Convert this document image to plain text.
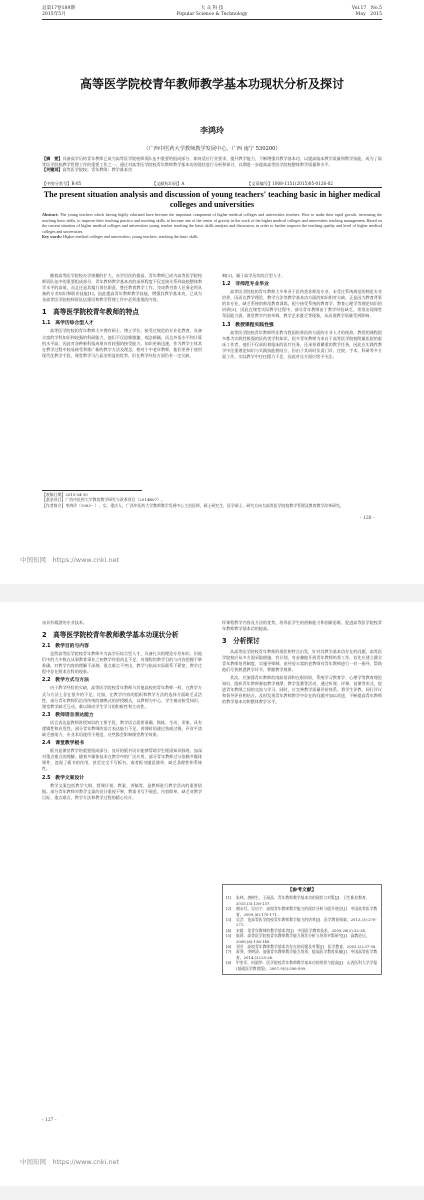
总第17卷189期
2015年5月
大 众 科 技
Popular Science & Technology
Vol.17　No.5
May　2015
高等医学院校青年教师教学基本功现状分析及探讨
李鸿玲
（广西中医药大学教师教学发展中心，广西 南宁 530200）
【摘　要】具备高学历的青年教师已成为高等医学院校师资队伍中重要的组成部分，如何适应行业要求，提升教学能力，不断增强其教学基本功，以提高临床教学质量和教学技能，成为了高等医学院校教学管理工作的重要工作之一。通过对高等医学院校青年教师教学基本功的现状进行分析和探讨，以期进一步提高高等医学院校整体教学质量和水平。
【关键词】高等医学院校；青年教师；教学基本功
【中图分类号】R-05	【文献标识码】A	【文章编号】1008-1151(2015)05-0126-02
The present situation analysis and discussion of young teachers' teaching basic in higher medical colleges and universities
Abstract: The young teachers which having highly educated have become the important component of higher medical colleges and universities teachers. How to make their rapid growth, increasing the teaching basic skills, to improve their teaching practice and teaching skills, to become one of the center of gravity in the work of the higher medical colleges and universities teaching management. Based on the current situation of higher medical colleges and universities young teacher teaching the basic skills analysis and discussion, in order to further improve the teaching quality and level of higher medical colleges and universities.
Key words: Higher medical colleges and universities; young teachers; teaching the basic skills

随着高等医学院校办学规模的扩大，办学层次的提高，青年教师已成为高等医学院校师资队伍中的重要组成部分，青年教师教学基本功的深厚程度不仅直接关系到高校整体教学水平的高低，而且还是其履行岗位职责、胜任教育教学工作，完成教书育人任务必须具备的专业知识和职业技能[1]。因此提高青年教师教学技能，增强其教学基本功，已成为各高等医学院校师资队伍建设和教学管理工作中必须重视的内容。

1　高等医学院校青年教师的特点
1.1　高学历综合型人才

高等医学院校的青年教师大多拥有硕士、博士学位，接受过规范的专业化教育，具备丰富的学科知识和较强的科研能力，他们不仅思维敏捷，观念新颖，而且外语水平和计算机水平高，因此对各种新科技成果具有较强的接受能力，知识更新迅速，作为教学主体其在教学过程中较易接受和推广新的教学方法及理念，相对于中老年教师，他们更善于使用现代化教学手段，课堂教学可凸显出明显的优势，但在教学经验方面仍有一定欠缺。

响[2]，属于高学历的综合型人才。

1.2　非师范专业毕业

高等医学院校的青年教师大多毕业于医药类非师范专业，未受过系统规范的师范专业培养，因而在教学理论、教学方法等教学基本功方面的知识相对欠缺，正是因为教育背景的非专业，缺乏系统的师范教育训练，很少接受系统的教育学、教育心理学等理论知识的培训[3]，因此在课堂实际教学过程中，部分青年教师由于教学经验缺乏，常常出现课堂驾驭能力弱，课堂教学内容单调，教学艺术匮乏等现象，从而使教学质量受到影响。

1.3　教授课程实践性强

高等医学院校青年教师所任教为我国培养医药方面的专业人才的使命，教授的课程很多都为实践性极强的医药类学科知识，很多青年教师为来自于高等医学院校附属医院的临床工作者，他们不仅承担着临床的医疗任务，还承担着繁重的教学任务，因此在实践性教学中注重理论知识与实践技能相结合，但由于其同时负责门诊、住院、手术、科研等多方面工作，实际教学中往往精力不足，因此对这方面应给予关注。

【收稿日期】2015-04-10
【基金项目】广西中医药大学教育教学研究与改革项目（2014B07）。
【作者简介】李鸿玲（1983－），女，重庆人，广西中医药大学教师教学发展中心主治医师，硕士研究生，医学硕士，研究方向为高等医学院校教学管理及教育教学改革研究。
- 126 -
中国知网　https://www.cnki.net

该具有精湛的专业技术。

2　高等医学院校青年教师教学基本功现状分析
2.1　教学目的与内容

虽然高等医学院校青年教师多为高学历综合型人才，具备扎实的理论专业知识，但他们中的大多数在从事教育事业之初教学经验尚且不足，对课程的教学目的与内容把握不够准确，对教学内容的理解不深刻，重点难点不突出，教学与临床实际联系不紧密，教学过程中存在照本宣科的现象。

2.2　教学方式与方法

由于教学经验的欠缺，高等医学院校青年教师与其他高校的青年教师一样，在教学方式与方法上存在很多的不足。比如，在教学内容的组织和教学方法的选择方面缺乏灵活性，部分青年教师仍沿用传统的填鸭式的讲授模式，以教师为中心，学生被动接受知识，课堂教学缺乏互动，难以调动学生学习的积极性和主动性。

2.3　教师语言表达能力

语言表达是教师讲授知识的主要手段，教学语言需要准确、简练、生动、形象，具有逻辑性和启发性。部分青年教师的语言表达能力不足，讲课时语速过快或过慢，声音平淡缺乏感染力，专业术语使用不规范，这些都会影响课堂教学效果。

2.4　课堂教学板书

板书是课堂教学的重要组成部分，良好的板书设计能够帮助学生理清知识脉络，加深对重点难点的理解。随着多媒体技术在教学中的广泛应用，部分青年教师过分依赖多媒体课件，忽视了板书的作用，甚至完全不写板书，或者板书随意潦草，缺乏条理性和系统性。

2.5　教学文案设计

教学文案包括教学大纲、授课计划、教案、讲稿等，是教师进行教学活动的重要依据。部分青年教师对教学文案的设计重视不够，教案书写不规范，内容简单，缺乏对教学目标、重点难点、教学方法和教学过程的精心设计。

挥课程教学内容及方法的优势，培养医学生的创新能力和创新思维，促进高等医学院校青年教师教学基本功的提高。

3　分析探讨

从高等医学院校青年教师的现状和特点出发，针对其教学基本功存在的问题，高等医学院校应从多方面采取措施，有计划、有步骤地开展青年教师培养工作。首先应建立健全青年教师培养制度，实施导师制，由经验丰富的老教师对青年教师进行一对一指导，帮助他们尽快熟悉教学环节，掌握教学规律。

其次，应加强青年教师的岗前培训和在职培训，系统学习教育学、心理学等教育理论知识，组织青年教师参加教学观摩、教学竞赛等活动，通过听课、评课、说课等形式，促进青年教师之间的交流与学习。同时，应完善教学质量评价体系，将学生评教、同行评议和督导评价相结合，及时发现青年教师教学中存在的问题并加以改进，不断提高青年教师的教学基本功和整体教学水平。

【参考文献】
[1]	朱林，唐树生，王丽品．青年教师教学基本功的现状与对策[J]．卫生职业教育，2015,(3):136-137.
[2]	谢永红，吴启宁．高校青年教师教学能力的现状分析与提升途径[J]．中国高等医学教育，2009,(6):170-171.
[3]	吴芸．论高等医学院校青年教师教学能力的培养[J]．医学教育探索，2013,(3):270-271.
[4]	宋毅．论青年教师的教学基本功[J]．中国医学教育技术，2009,28(2):32-34.
[5]	陈莉．高等医学院校青年教师教学能力现状分析与培养对策研究[J]．高教论坛，2006,(6):136-140.
[6]	刘芳．高校青年教师教学基本功存在的问题及对策[J]．医学教育，2003,(2):37-38.
[7]	蒋葵，李树清．加强青年教师教学能力培养，提高医学教育质量[J]．中国高等医学教育，2014,(2):25-26.
[8]	甲室军，何淑华．医学院校青年教师教学基本功的培养与提高[J]．山西医科大学学报(基础医学教育版)，2007,9(5):596-599.
- 127 -
中国知网　https://www.cnki.net
